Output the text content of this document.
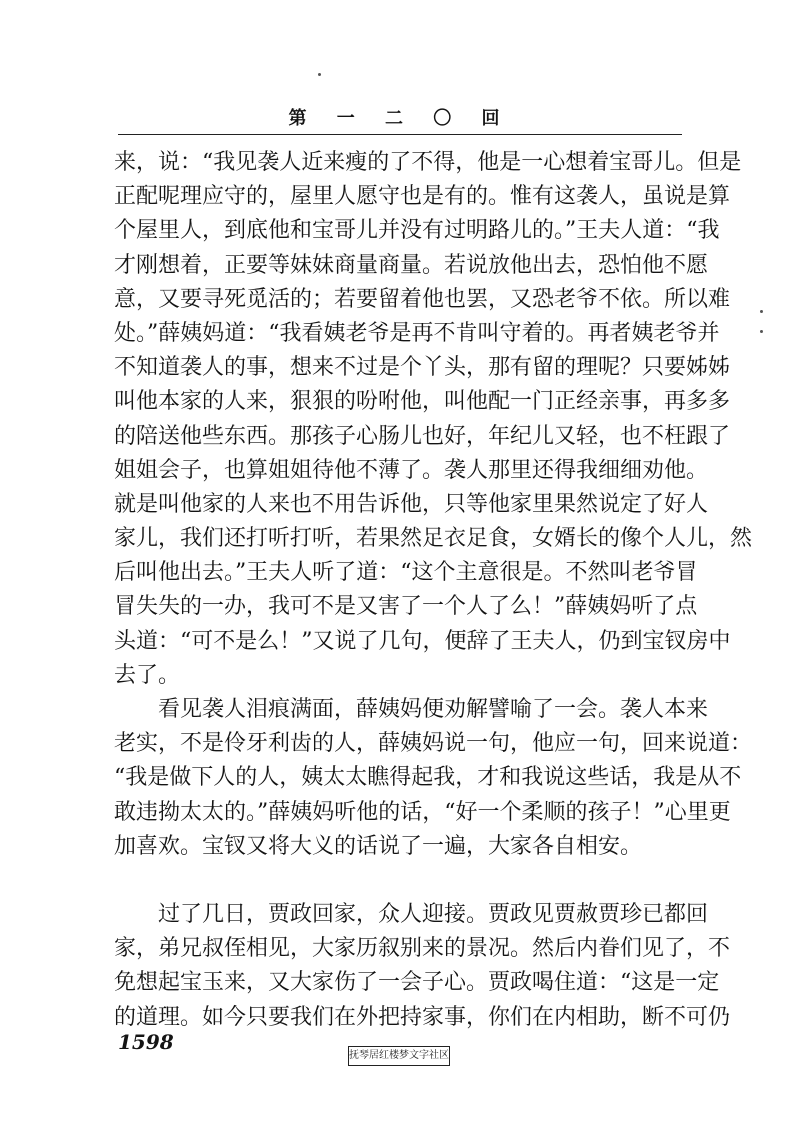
第 一 二 〇 回
来，说：“我见袭人近来瘦的了不得，他是一心想着宝哥儿。但是
正配呢理应守的，屋里人愿守也是有的。惟有这袭人，虽说是算
个屋里人，到底他和宝哥儿并没有过明路儿的。”王夫人道：“我
才刚想着，正要等妹妹商量商量。若说放他出去，恐怕他不愿
意，又要寻死觅活的；若要留着他也罢，又恐老爷不依。所以难
处。”薛姨妈道：“我看姨老爷是再不肯叫守着的。再者姨老爷并
不知道袭人的事，想来不过是个丫头，那有留的理呢？只要姊姊
叫他本家的人来，狠狠的吩咐他，叫他配一门正经亲事，再多多
的陪送他些东西。那孩子心肠儿也好，年纪儿又轻，也不枉跟了
姐姐会子，也算姐姐待他不薄了。袭人那里还得我细细劝他。
就是叫他家的人来也不用告诉他，只等他家里果然说定了好人
家儿，我们还打听打听，若果然足衣足食，女婿长的像个人儿，然
后叫他出去。”王夫人听了道：“这个主意很是。不然叫老爷冒
冒失失的一办，我可不是又害了一个人了么！”薛姨妈听了点
头道：“可不是么！”又说了几句，便辞了王夫人，仍到宝钗房中
去了。
　　看见袭人泪痕满面，薛姨妈便劝解譬喻了一会。袭人本来
老实，不是伶牙利齿的人，薛姨妈说一句，他应一句，回来说道：
“我是做下人的人，姨太太瞧得起我，才和我说这些话，我是从不
敢违拗太太的。”薛姨妈听他的话，“好一个柔顺的孩子！”心里更
加喜欢。宝钗又将大义的话说了一遍，大家各自相安。
　　过了几日，贾政回家，众人迎接。贾政见贾赦贾珍已都回
家，弟兄叔侄相见，大家历叙别来的景况。然后内眷们见了，不
免想起宝玉来，又大家伤了一会子心。贾政喝住道：“这是一定
的道理。如今只要我们在外把持家事，你们在内相助，断不可仍
1598
抚琴居红楼梦文字社区
